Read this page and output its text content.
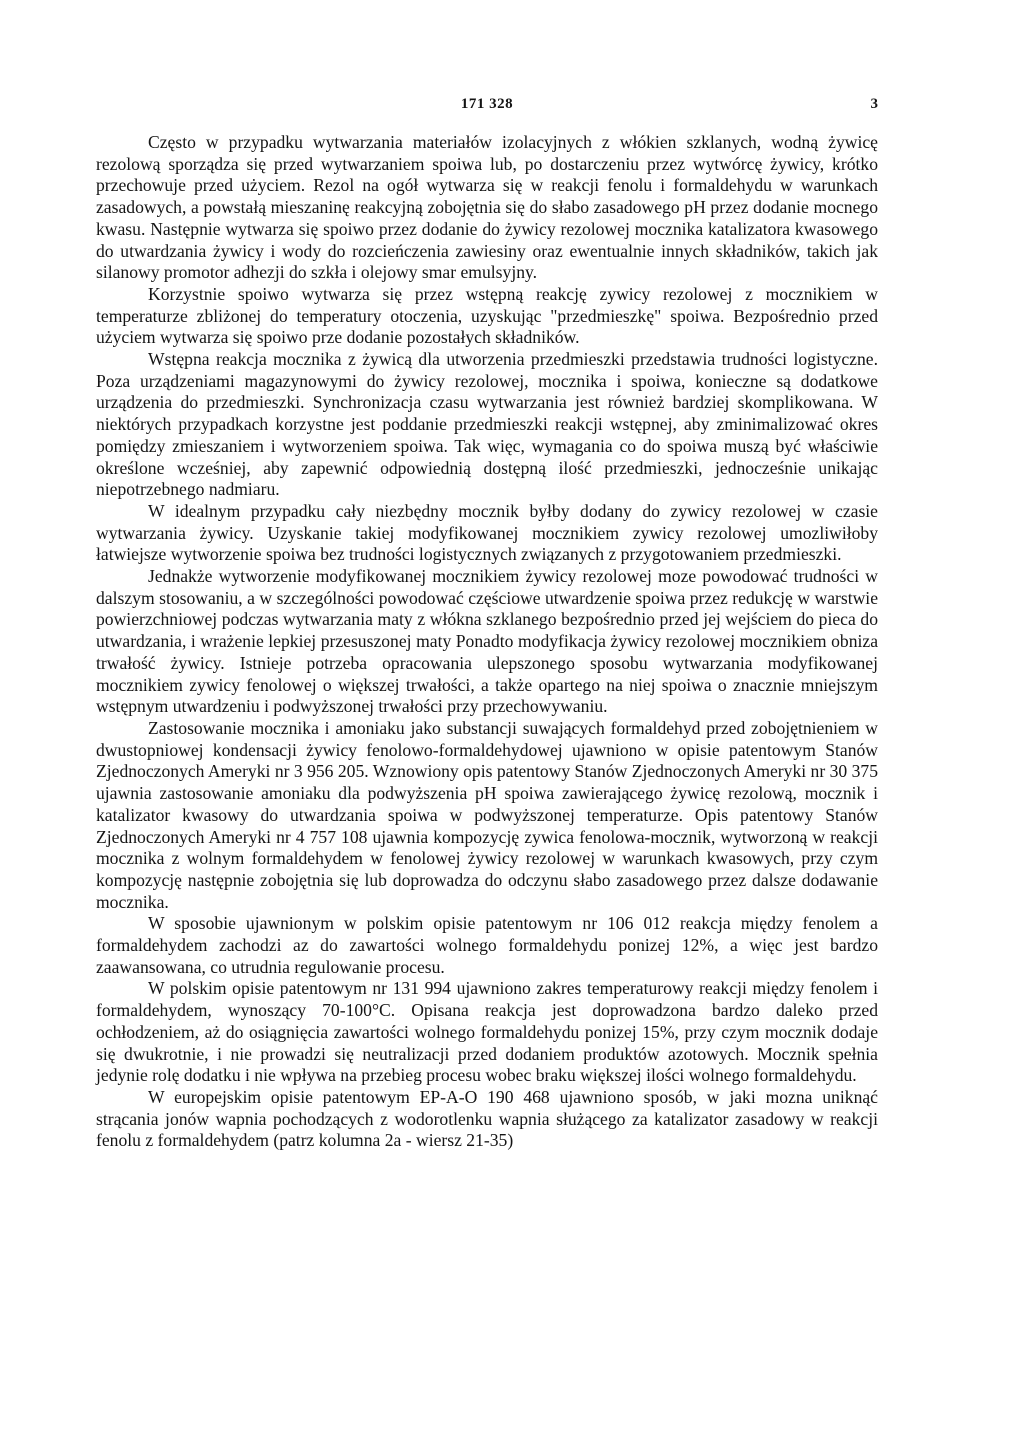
171 328	3

Często w przypadku wytwarzania materiałów izolacyjnych z włókien szklanych, wodną żywicę rezolową sporządza się przed wytwarzaniem spoiwa lub, po dostarczeniu przez wytwórcę żywicy, krótko przechowuje przed użyciem. Rezol na ogół wytwarza się w reakcji fenolu i formaldehydu w warunkach zasadowych, a powstałą mieszaninę reakcyjną zobojętnia się do słabo zasadowego pH przez dodanie mocnego kwasu. Następnie wytwarza się spoiwo przez dodanie do żywicy rezolowej mocznika katalizatora kwasowego do utwardzania żywicy i wody do rozcieńczenia zawiesiny oraz ewentualnie innych składników, takich jak silanowy promotor adhezji do szkła i olejowy smar emulsyjny.

Korzystnie spoiwo wytwarza się przez wstępną reakcję zywicy rezolowej z mocznikiem w temperaturze zbliżonej do temperatury otoczenia, uzyskując "przedmieszkę" spoiwa. Bezpośrednio przed użyciem wytwarza się spoiwo prze dodanie pozostałych składników.

Wstępna reakcja mocznika z żywicą dla utworzenia przedmieszki przedstawia trudności logistyczne. Poza urządzeniami magazynowymi do żywicy rezolowej, mocznika i spoiwa, konieczne są dodatkowe urządzenia do przedmieszki. Synchronizacja czasu wytwarzania jest również bardziej skomplikowana. W niektórych przypadkach korzystne jest poddanie przedmieszki reakcji wstępnej, aby zminimalizować okres pomiędzy zmieszaniem i wytworzeniem spoiwa. Tak więc, wymagania co do spoiwa muszą być właściwie określone wcześniej, aby zapewnić odpowiednią dostępną ilość przedmieszki, jednocześnie unikając niepotrzebnego nadmiaru.

W idealnym przypadku cały niezbędny mocznik byłby dodany do zywicy rezolowej w czasie wytwarzania żywicy. Uzyskanie takiej modyfikowanej mocznikiem zywicy rezolowej umozliwiłoby łatwiejsze wytworzenie spoiwa bez trudności logistycznych związanych z przygotowaniem przedmieszki.

Jednakże wytworzenie modyfikowanej mocznikiem żywicy rezolowej moze powodować trudności w dalszym stosowaniu, a w szczególności powodować częściowe utwardzenie spoiwa przez redukcję w warstwie powierzchniowej podczas wytwarzania maty z włókna szklanego bezpośrednio przed jej wejściem do pieca do utwardzania, i wrażenie lepkiej przesuszonej maty Ponadto modyfikacja żywicy rezolowej mocznikiem obniza trwałość żywicy. Istnieje potrzeba opracowania ulepszonego sposobu wytwarzania modyfikowanej mocznikiem zywicy fenolowej o większej trwałości, a także opartego na niej spoiwa o znacznie mniejszym wstępnym utwardzeniu i podwyższonej trwałości przy przechowywaniu.

Zastosowanie mocznika i amoniaku jako substancji suwających formaldehyd przed zobojętnieniem w dwustopniowej kondensacji żywicy fenolowo-formaldehydowej ujawniono w opisie patentowym Stanów Zjednoczonych Ameryki nr 3 956 205. Wznowiony opis patentowy Stanów Zjednoczonych Ameryki nr 30 375 ujawnia zastosowanie amoniaku dla podwyższenia pH spoiwa zawierającego żywicę rezolową, mocznik i katalizator kwasowy do utwardzania spoiwa w podwyższonej temperaturze. Opis patentowy Stanów Zjednoczonych Ameryki nr 4 757 108 ujawnia kompozycję zywica fenolowa-mocznik, wytworzoną w reakcji mocznika z wolnym formaldehydem w fenolowej żywicy rezolowej w warunkach kwasowych, przy czym kompozycję następnie zobojętnia się lub doprowadza do odczynu słabo zasadowego przez dalsze dodawanie mocznika.

W sposobie ujawnionym w polskim opisie patentowym nr 106 012 reakcja między fenolem a formaldehydem zachodzi az do zawartości wolnego formaldehydu ponizej 12%, a więc jest bardzo zaawansowana, co utrudnia regulowanie procesu.

W polskim opisie patentowym nr 131 994 ujawniono zakres temperaturowy reakcji między fenolem i formaldehydem, wynoszący 70-100°C. Opisana reakcja jest doprowadzona bardzo daleko przed ochłodzeniem, aż do osiągnięcia zawartości wolnego formaldehydu ponizej 15%, przy czym mocznik dodaje się dwukrotnie, i nie prowadzi się neutralizacji przed dodaniem produktów azotowych. Mocznik spełnia jedynie rolę dodatku i nie wpływa na przebieg procesu wobec braku większej ilości wolnego formaldehydu.

W europejskim opisie patentowym EP-A-O 190 468 ujawniono sposób, w jaki mozna uniknąć strącania jonów wapnia pochodzących z wodorotlenku wapnia służącego za katalizator zasadowy w reakcji fenolu z formaldehydem (patrz kolumna 2a - wiersz 21-35)
